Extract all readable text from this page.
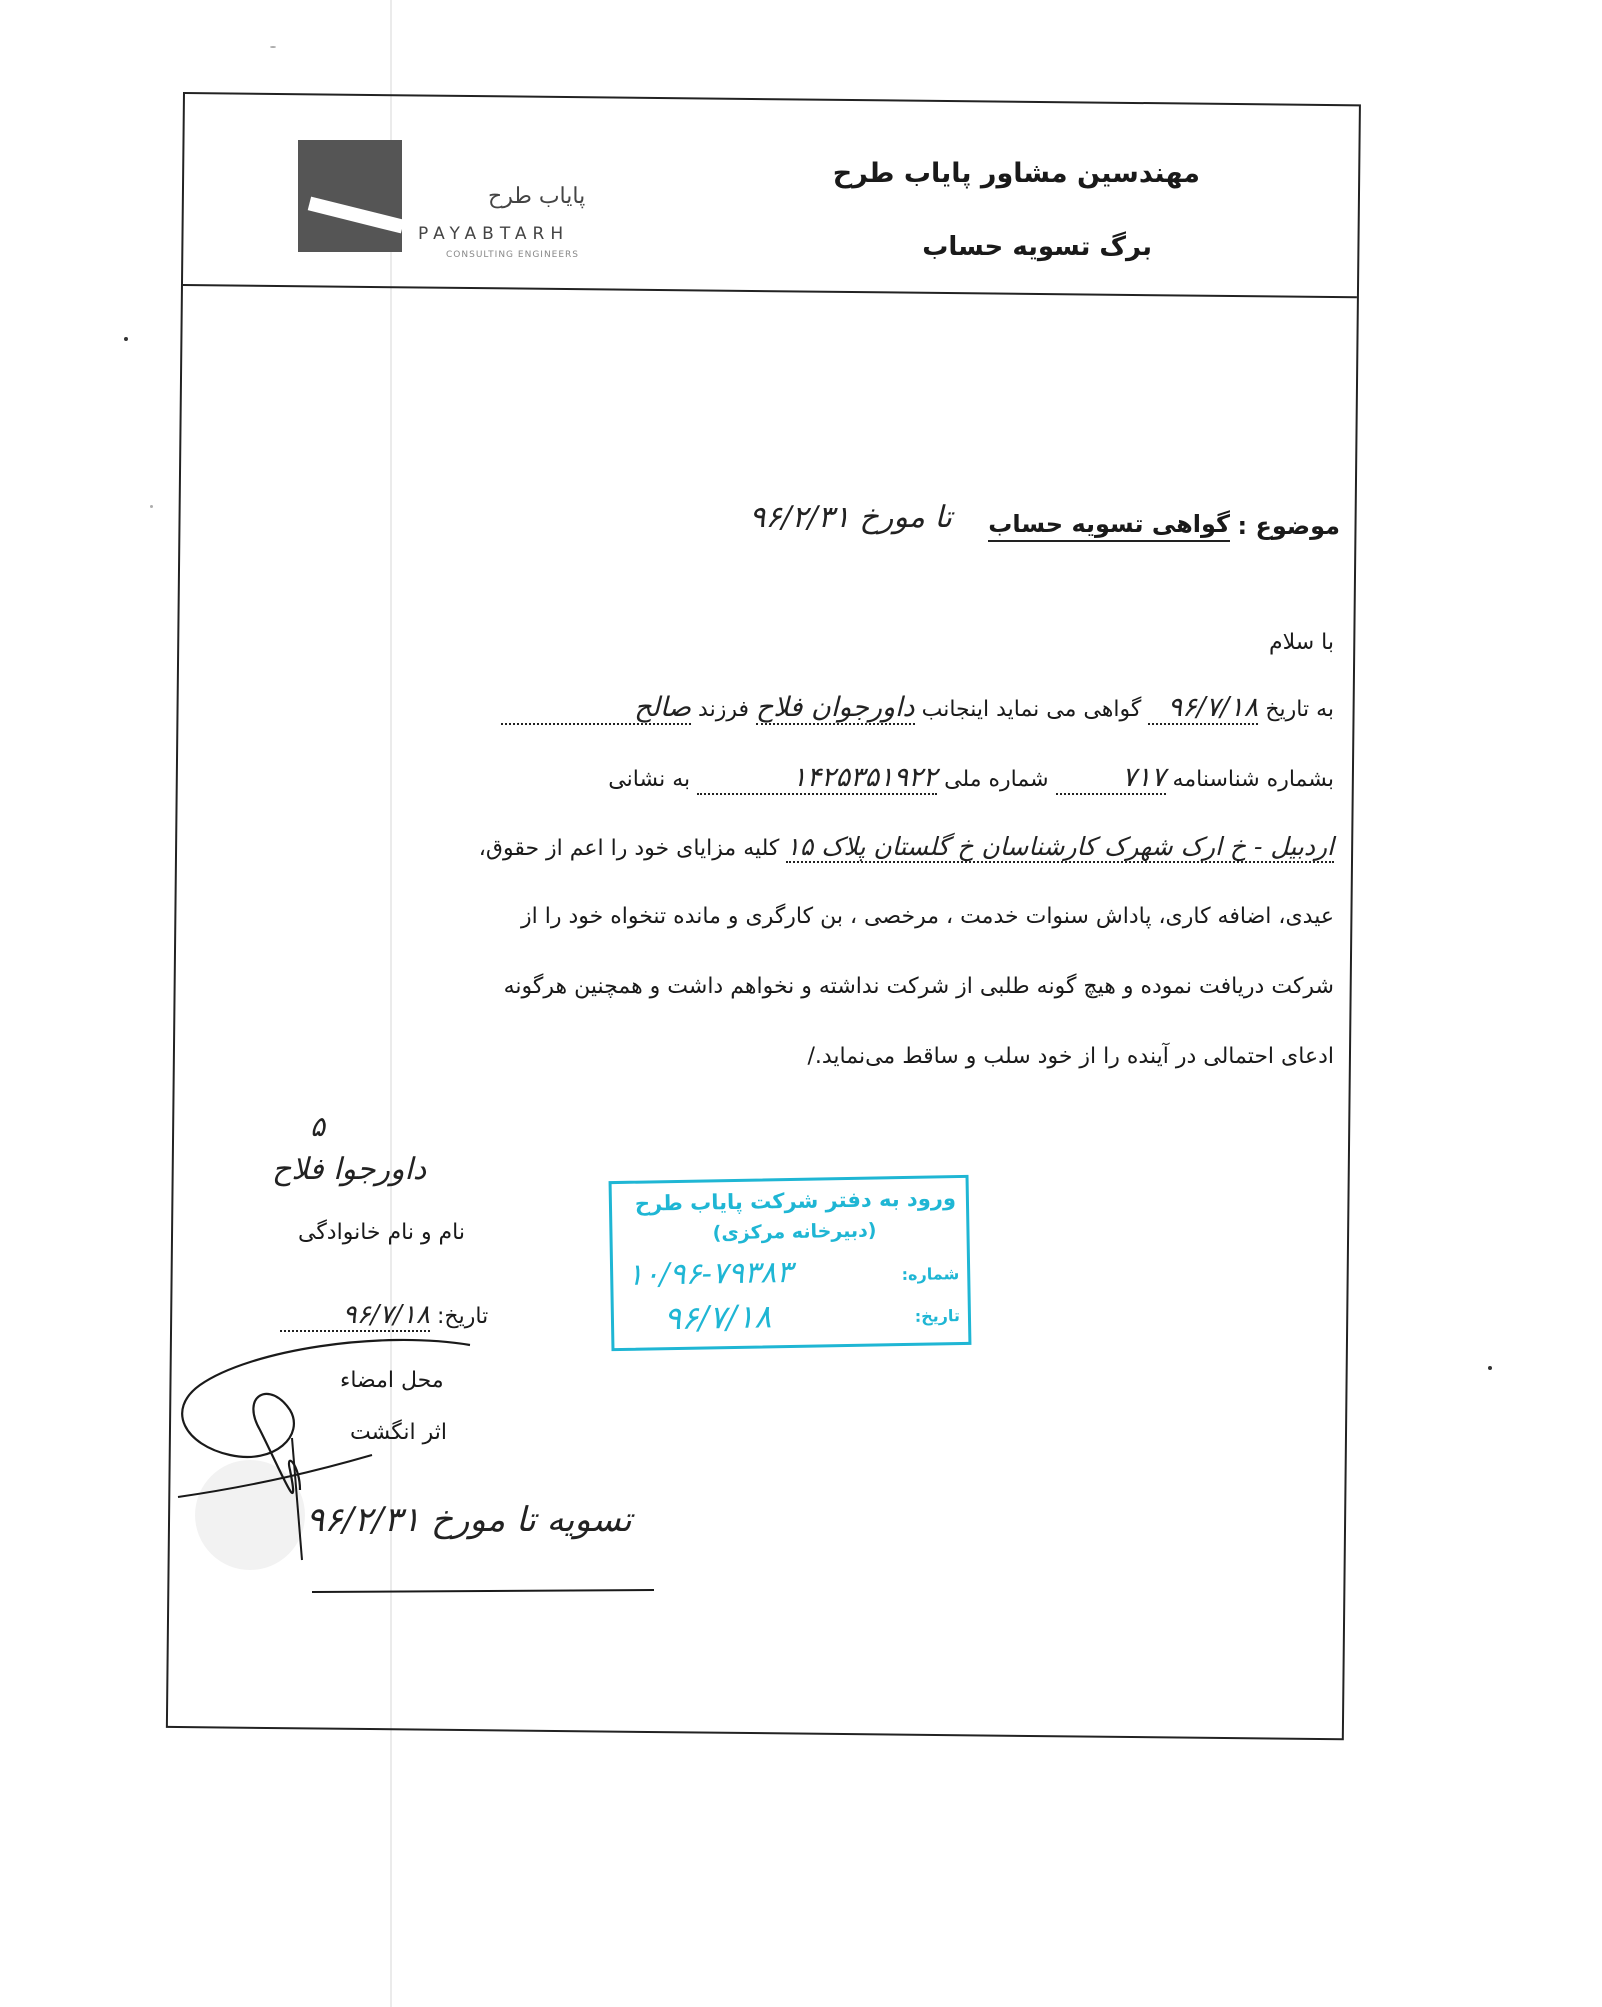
مهندسین مشاور پایاب طرح
برگ تسویه حساب
پایاب طرح
PAYABTARH
CONSULTING ENGINEERS
موضوع :
گواهی تسویه حساب
تا مورخ ۹۶/۲/۳۱
با سلام
به تاریخ ۹۶/۷/۱۸ گواهی می نماید اینجانب داورجوان فلاح فرزند صالح
بشماره شناسنامه ۷۱۷ شماره ملی ۱۴۲۵۳۵۱۹۲۲ به نشانی
اردبیل - خ ارک شهرک کارشناسان خ گلستان پلاک ۱۵ کلیه مزایای خود را اعم از حقوق،
عیدی، اضافه کاری، پاداش سنوات خدمت ، مرخصی ، بن کارگری و مانده تنخواه خود را از
شرکت دریافت نموده و هیچ گونه طلبی از شرکت نداشته و نخواهم داشت و همچنین هرگونه
ادعای احتمالی در آینده را از خود سلب و ساقط می‌نماید./
۵
داورجوا فلاح
نام و نام خانوادگی
تاریخ: ۹۶/۷/۱۸
محل امضاء
اثر انگشت
تسویه تا مورخ ۹۶/۲/۳۱
ورود به دفتر شرکت پایاب طرح
(دبیرخانه مرکزی)
شماره:
۱۰/۹۶-۷۹۳۸۳
تاریخ:
۹۶/۷/۱۸
